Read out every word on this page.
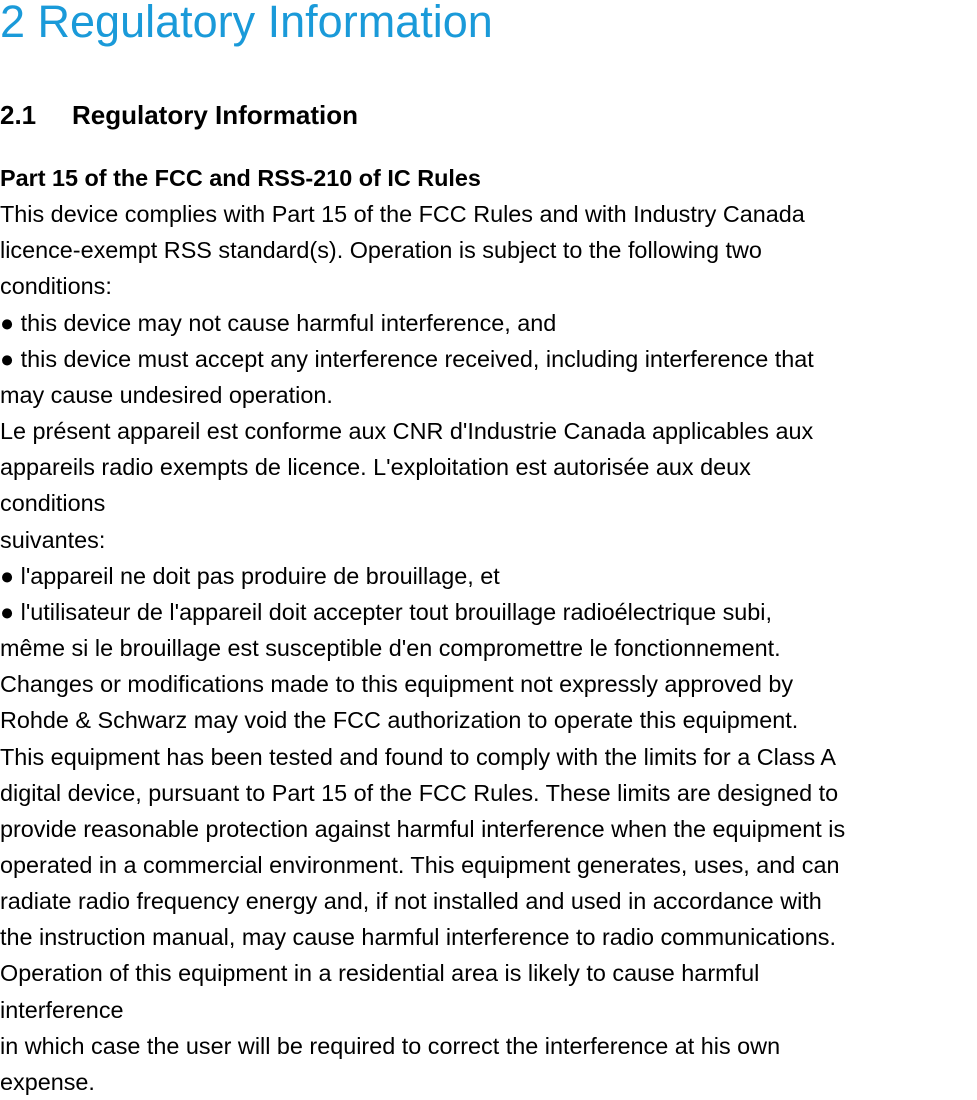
2 Regulatory Information
2.1 Regulatory Information
Part 15 of the FCC and RSS-210 of IC Rules
This device complies with Part 15 of the FCC Rules and with Industry Canada
licence-exempt RSS standard(s). Operation is subject to the following two
conditions:
● this device may not cause harmful interference, and
● this device must accept any interference received, including interference that
may cause undesired operation.
Le présent appareil est conforme aux CNR d'Industrie Canada applicables aux
appareils radio exempts de licence. L'exploitation est autorisée aux deux
conditions
suivantes:
● l'appareil ne doit pas produire de brouillage, et
● l'utilisateur de l'appareil doit accepter tout brouillage radioélectrique subi,
même si le brouillage est susceptible d'en compromettre le fonctionnement.
Changes or modifications made to this equipment not expressly approved by
Rohde & Schwarz may void the FCC authorization to operate this equipment.
This equipment has been tested and found to comply with the limits for a Class A
digital device, pursuant to Part 15 of the FCC Rules. These limits are designed to
provide reasonable protection against harmful interference when the equipment is
operated in a commercial environment. This equipment generates, uses, and can
radiate radio frequency energy and, if not installed and used in accordance with
the instruction manual, may cause harmful interference to radio communications.
Operation of this equipment in a residential area is likely to cause harmful
interference
in which case the user will be required to correct the interference at his own
expense.
